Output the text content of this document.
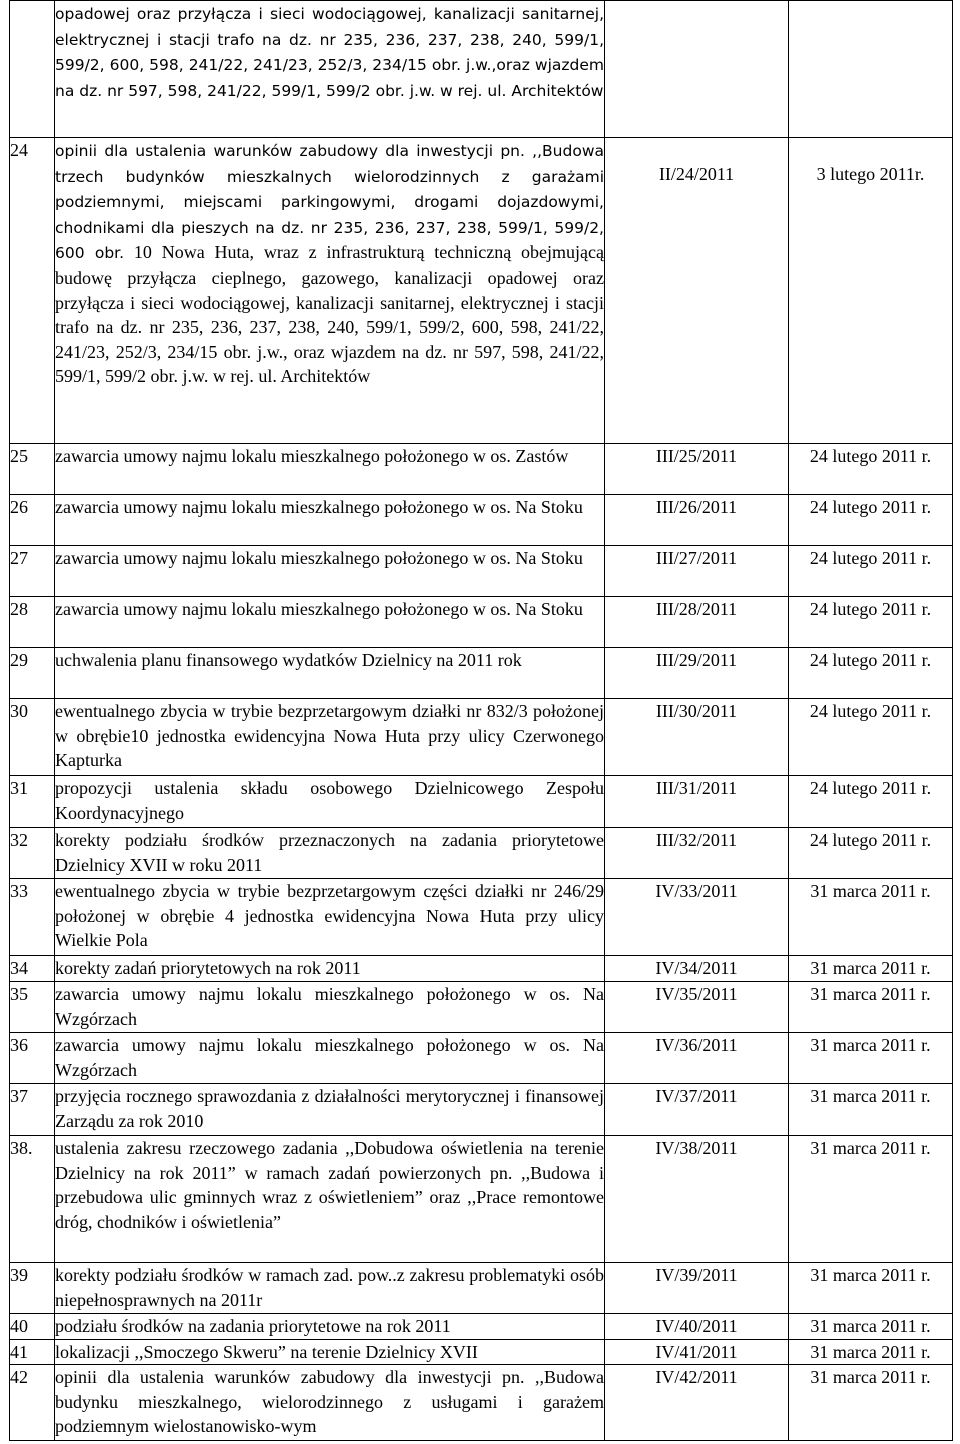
	opadowej oraz przyłącza i sieci wodociągowej, kanalizacji sanitarnej, elektrycznej i stacji trafo na dz. nr 235, 236, 237, 238, 240, 599/1, 599/2, 600, 598, 241/22, 241/23, 252/3, 234/15 obr. j.w.,oraz wjazdem na dz. nr 597, 598, 241/22, 599/1, 599/2 obr. j.w. w rej. ul. Architektów		
24	opinii dla ustalenia warunków zabudowy dla inwestycji pn. ,,Budowa trzech budynków mieszkalnych wielorodzinnych z garażami podziemnymi, miejscami parkingowymi, drogami dojazdowymi, chodnikami dla pieszych na dz. nr 235, 236, 237, 238, 599/1, 599/2, 600 obr. 10 Nowa Huta, wraz z infrastrukturą techniczną obejmującą budowę przyłącza cieplnego, gazowego, kanalizacji opadowej oraz przyłącza i sieci wodociągowej, kanalizacji sanitarnej, elektrycznej i stacji trafo na dz. nr 235, 236, 237, 238, 240, 599/1, 599/2, 600, 598, 241/22, 241/23, 252/3, 234/15 obr. j.w., oraz wjazdem na dz. nr 597, 598, 241/22, 599/1, 599/2 obr. j.w. w rej. ul. Architektów	II/24/2011	3 lutego 2011r.
25	zawarcia umowy najmu lokalu mieszkalnego położonego w os. Zastów	III/25/2011	24 lutego 2011 r.
26	zawarcia umowy najmu lokalu mieszkalnego położonego w os. Na Stoku	III/26/2011	24 lutego 2011 r.
27	zawarcia umowy najmu lokalu mieszkalnego położonego w os. Na Stoku	III/27/2011	24 lutego 2011 r.
28	zawarcia umowy najmu lokalu mieszkalnego położonego w os. Na Stoku	III/28/2011	24 lutego 2011 r.
29	uchwalenia planu finansowego wydatków Dzielnicy na 2011 rok	III/29/2011	24 lutego 2011 r.
30	ewentualnego zbycia w trybie bezprzetargowym działki nr 832/3 położonej w obrębie10 jednostka ewidencyjna Nowa Huta przy ulicy Czerwonego Kapturka	III/30/2011	24 lutego 2011 r.
31	propozycji ustalenia składu osobowego Dzielnicowego Zespołu Koordynacyjnego	III/31/2011	24 lutego 2011 r.
32	korekty podziału środków przeznaczonych na zadania priorytetowe Dzielnicy XVII w roku 2011	III/32/2011	24 lutego 2011 r.
33	ewentualnego zbycia w trybie bezprzetargowym części działki nr 246/29 położonej w obrębie 4 jednostka ewidencyjna Nowa Huta przy ulicy Wielkie Pola	IV/33/2011	31 marca 2011 r.
34	korekty zadań priorytetowych na rok 2011	IV/34/2011	31 marca 2011 r.
35	zawarcia umowy najmu lokalu mieszkalnego położonego w os. Na Wzgórzach	IV/35/2011	31 marca 2011 r.
36	zawarcia umowy najmu lokalu mieszkalnego położonego w os. Na Wzgórzach	IV/36/2011	31 marca 2011 r.
37	przyjęcia rocznego sprawozdania z działalności merytorycznej i finansowej Zarządu za rok 2010	IV/37/2011	31 marca 2011 r.
38.	ustalenia zakresu rzeczowego zadania ,,Dobudowa oświetlenia na terenie Dzielnicy na rok 2011” w ramach zadań powierzonych pn. ,,Budowa i przebudowa ulic gminnych wraz z oświetleniem” oraz ,,Prace remontowe dróg, chodników i oświetlenia”	IV/38/2011	31 marca 2011 r.
39	korekty podziału środków w ramach zad. pow..z zakresu problematyki osób niepełnosprawnych na 2011r	IV/39/2011	31 marca 2011 r.
40	podziału środków na zadania priorytetowe na rok 2011	IV/40/2011	31 marca 2011 r.
41	lokalizacji ,,Smoczego Skweru” na terenie Dzielnicy XVII	IV/41/2011	31 marca 2011 r.
42	opinii dla ustalenia warunków zabudowy dla inwestycji pn. ,,Budowa budynku mieszkalnego, wielorodzinnego z usługami i garażem podziemnym wielostanowisko-wym	IV/42/2011	31 marca 2011 r.
